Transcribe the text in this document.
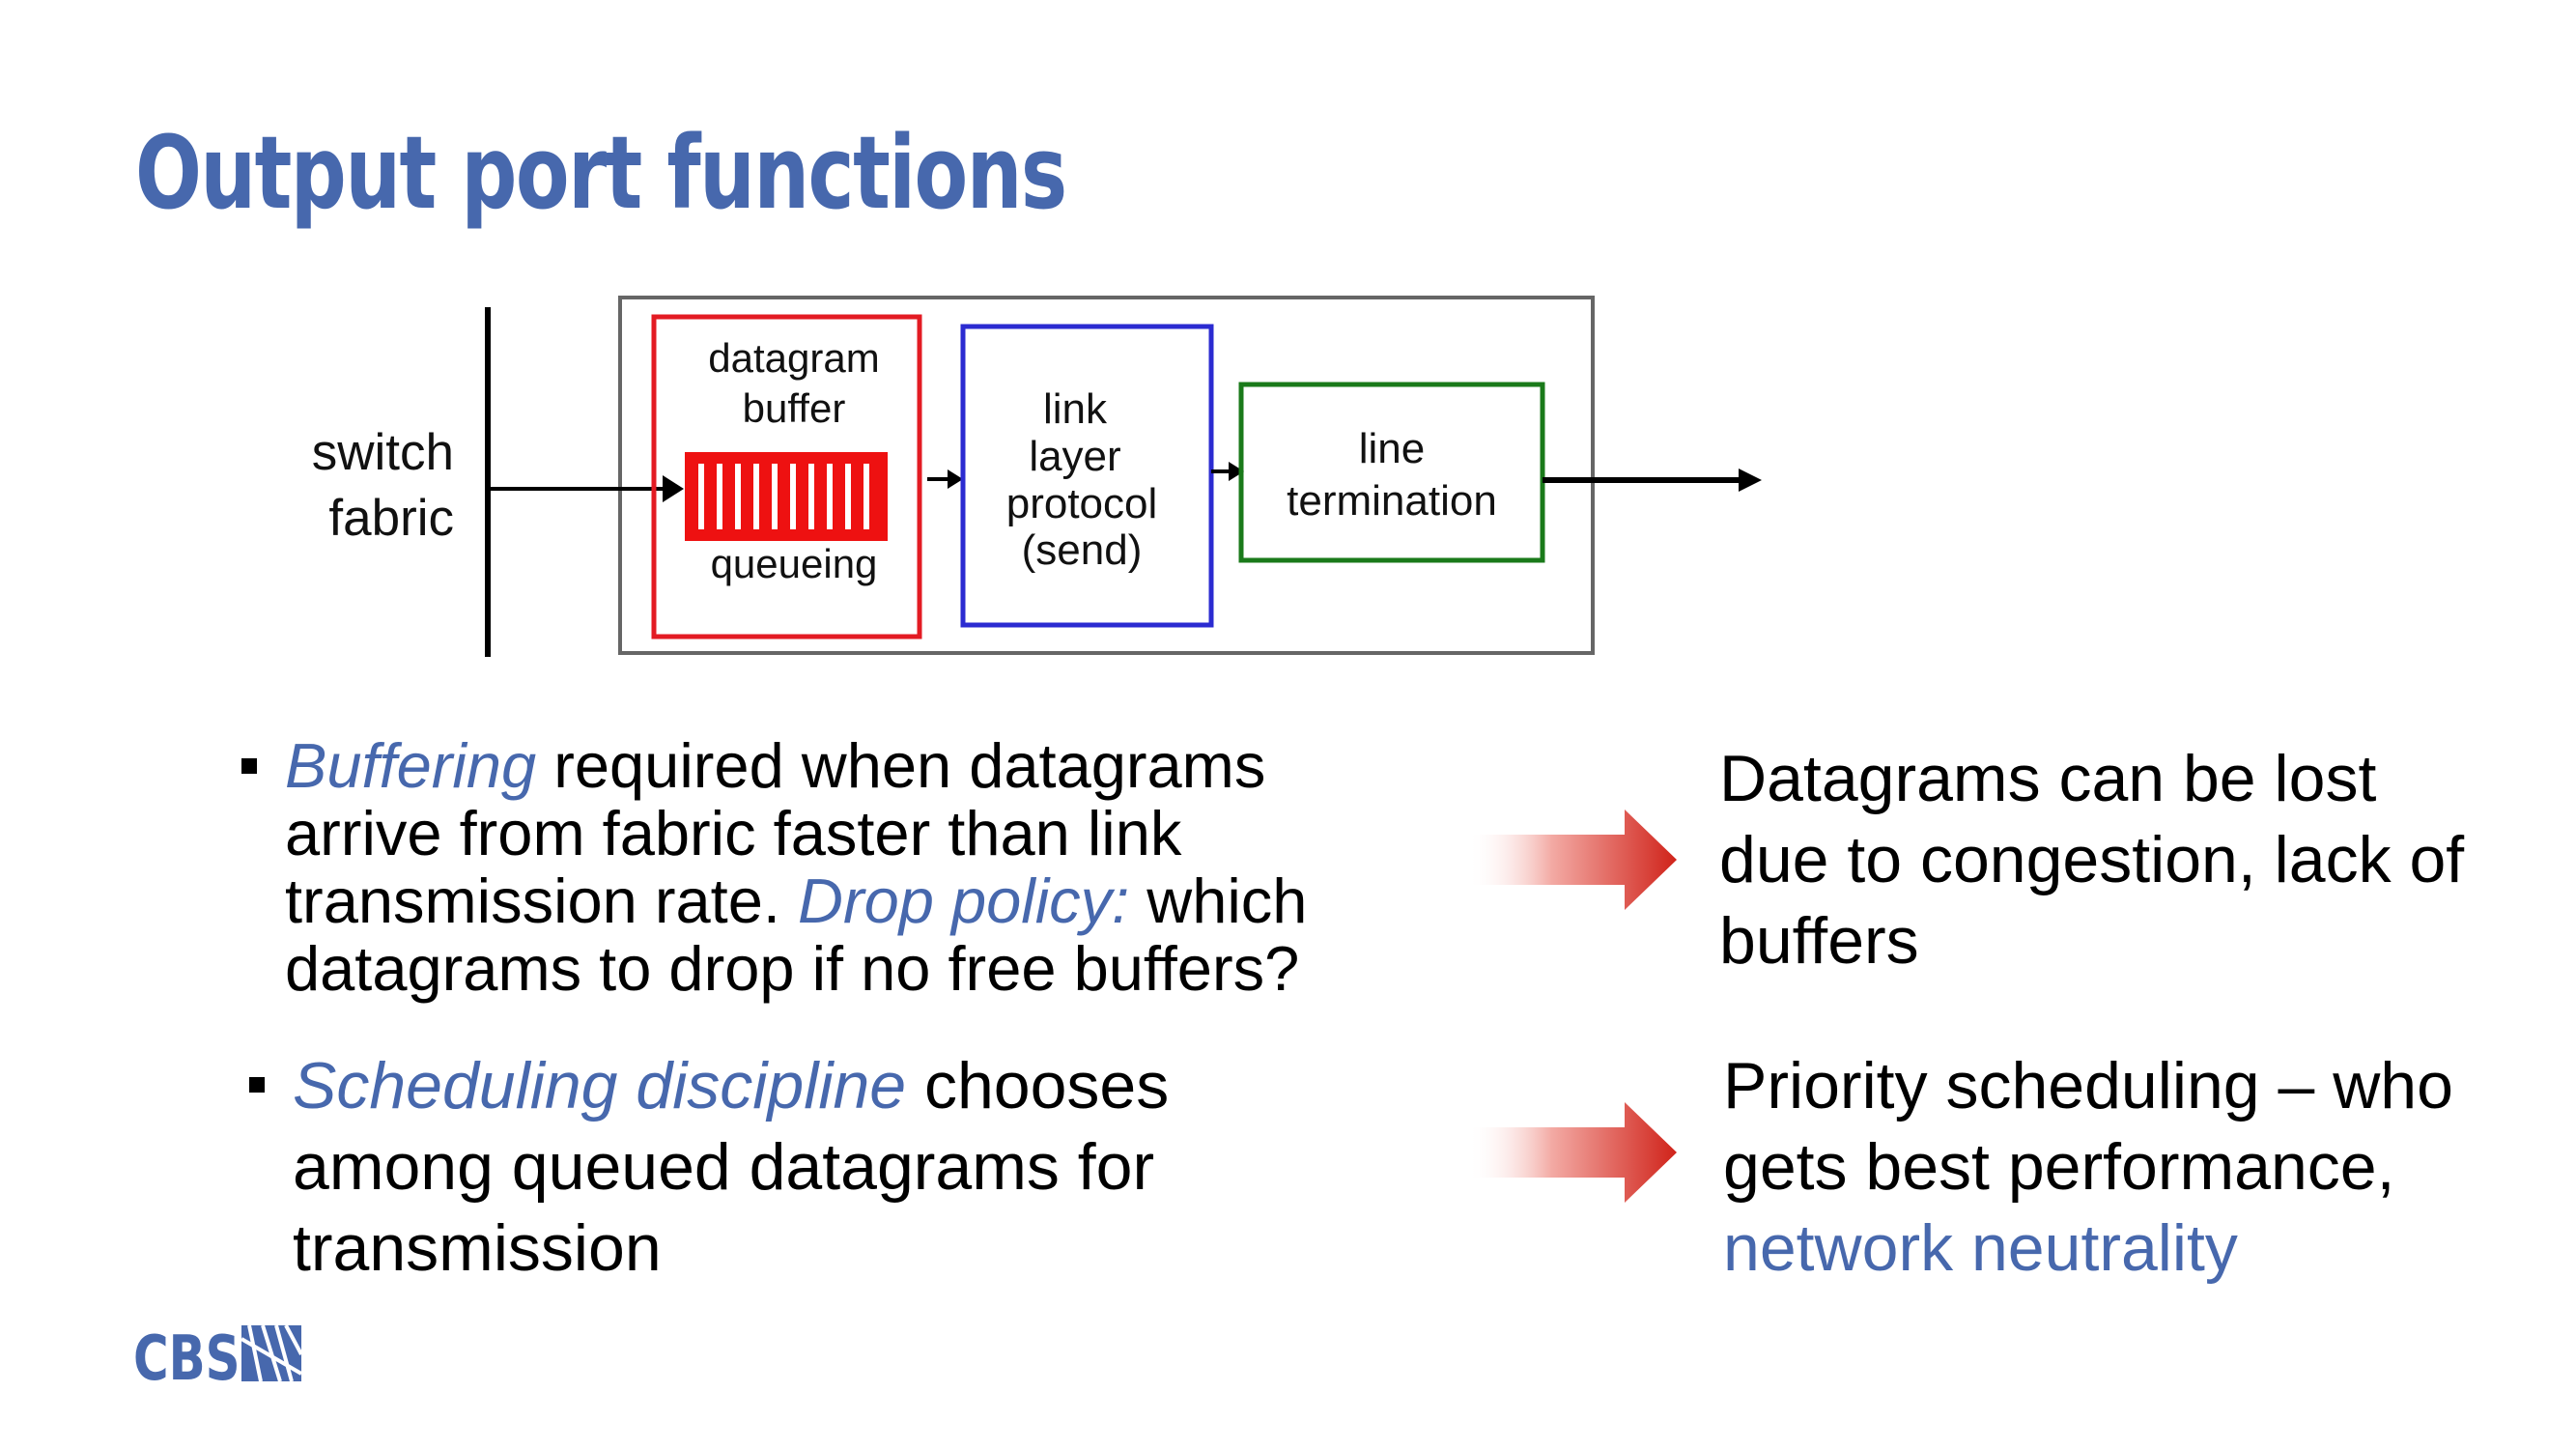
Output port functions
switch
fabric
datagram
buffer
queueing
link
layer
protocol
(send)
line
termination
Buffering required when datagrams
arrive from fabric faster than link
transmission rate. Drop policy: which
datagrams to drop if no free buffers?
Scheduling discipline chooses
among queued datagrams for
transmission
Datagrams can be lost
due to congestion, lack of
buffers
Priority scheduling – who
gets best performance,
network neutrality
CBS
